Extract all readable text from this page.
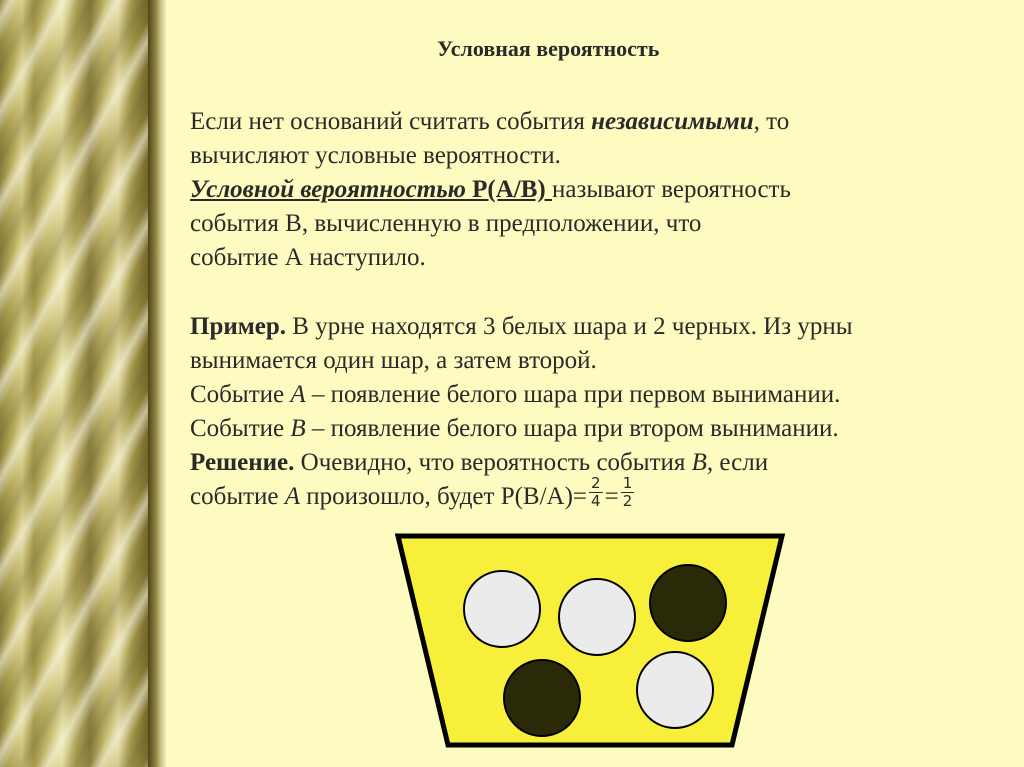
Условная вероятность
Если нет оснований считать события независимыми, то
вычисляют условные вероятности.
Условной вероятностью Р(А/В) называют вероятность
события В, вычисленную в предположении, что
событие А наступило.
Пример. В урне находятся 3 белых шара и 2 черных. Из урны
вынимается один шар, а затем второй.
Событие А – появление белого шара при первом вынимании.
Событие В – появление белого шара при втором вынимании.
Решение. Очевидно, что вероятность события В, если
событие А произошло, будет $Р(В/А)= \frac{2}{4} = \frac{1}{2}$
